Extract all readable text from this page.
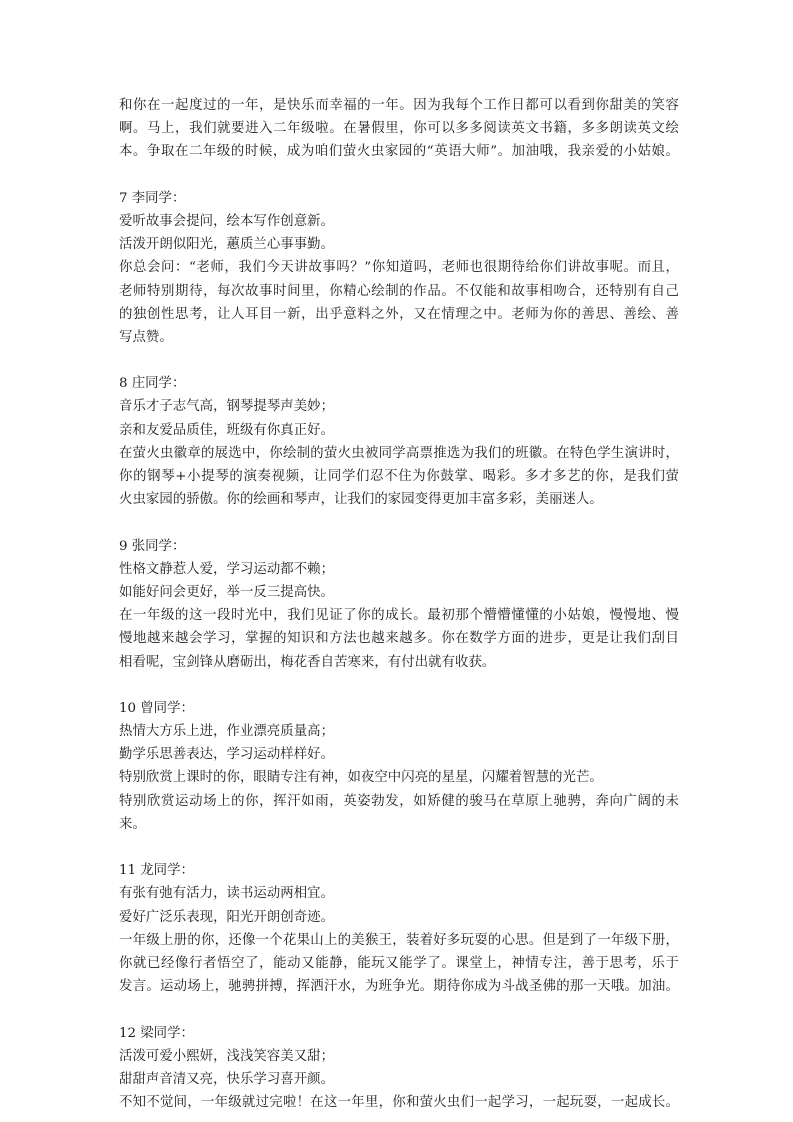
和你在一起度过的一年，是快乐而幸福的一年。因为我每个工作日都可以看到你甜美的笑容
啊。马上，我们就要进入二年级啦。在暑假里，你可以多多阅读英文书籍，多多朗读英文绘
本。争取在二年级的时候，成为咱们萤火虫家园的“英语大师”。加油哦，我亲爱的小姑娘。
7 李同学：
爱听故事会提问，绘本写作创意新。
活泼开朗似阳光，蕙质兰心事事勤。
你总会问：“老师，我们今天讲故事吗？”你知道吗，老师也很期待给你们讲故事呢。而且，
老师特别期待，每次故事时间里，你精心绘制的作品。不仅能和故事相吻合，还特别有自己
的独创性思考，让人耳目一新，出乎意料之外，又在情理之中。老师为你的善思、善绘、善
写点赞。
8 庄同学：
音乐才子志气高，钢琴提琴声美妙；
亲和友爱品质佳，班级有你真正好。
在萤火虫徽章的展选中，你绘制的萤火虫被同学高票推选为我们的班徽。在特色学生演讲时，
你的钢琴+小提琴的演奏视频，让同学们忍不住为你鼓掌、喝彩。多才多艺的你，是我们萤
火虫家园的骄傲。你的绘画和琴声，让我们的家园变得更加丰富多彩，美丽迷人。
9 张同学：
性格文静惹人爱，学习运动都不赖；
如能好问会更好，举一反三提高快。
在一年级的这一段时光中，我们见证了你的成长。最初那个懵懵懂懂的小姑娘，慢慢地、慢
慢地越来越会学习，掌握的知识和方法也越来越多。你在数学方面的进步，更是让我们刮目
相看呢，宝剑锋从磨砺出，梅花香自苦寒来，有付出就有收获。
10 曾同学：
热情大方乐上进，作业漂亮质量高；
勤学乐思善表达，学习运动样样好。
特别欣赏上课时的你，眼睛专注有神，如夜空中闪亮的星星，闪耀着智慧的光芒。
特别欣赏运动场上的你，挥汗如雨，英姿勃发，如矫健的骏马在草原上驰骋，奔向广阔的未
来。
11 龙同学：
有张有弛有活力，读书运动两相宜。
爱好广泛乐表现，阳光开朗创奇迹。
一年级上册的你，还像一个花果山上的美猴王，装着好多玩耍的心思。但是到了一年级下册，
你就已经像行者悟空了，能动又能静，能玩又能学了。课堂上，神情专注，善于思考，乐于
发言。运动场上，驰骋拼搏，挥洒汗水，为班争光。期待你成为斗战圣佛的那一天哦。加油。
12 梁同学：
活泼可爱小熙妍，浅浅笑容美又甜；
甜甜声音清又亮，快乐学习喜开颜。
不知不觉间，一年级就过完啦！在这一年里，你和萤火虫们一起学习，一起玩耍，一起成长。
